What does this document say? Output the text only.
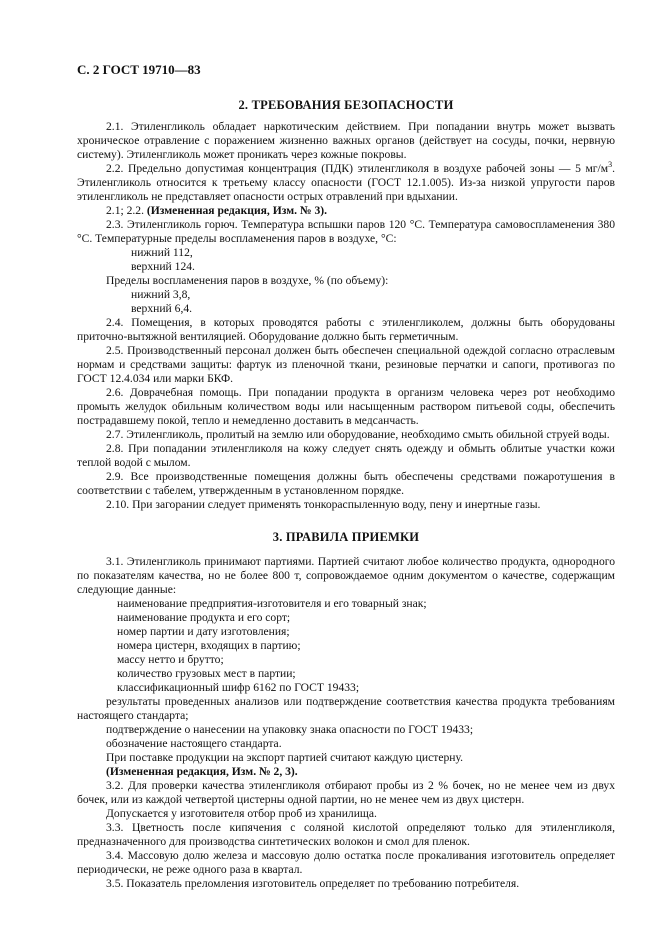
С. 2 ГОСТ 19710—83
2. ТРЕБОВАНИЯ БЕЗОПАСНОСТИ

2.1. Этиленгликоль обладает наркотическим действием. При попадании внутрь может вызвать хроническое отравление с поражением жизненно важных органов (действует на сосуды, почки, нервную систему). Этиленгликоль может проникать через кожные покровы.

2.2. Предельно допустимая концентрация (ПДК) этиленгликоля в воздухе рабочей зоны — 5 $мг/м^3$. Этиленгликоль относится к третьему классу опасности (ГОСТ 12.1.005). Из-за низкой упругости паров этиленгликоль не представляет опасности острых отравлений при вдыхании.

2.1; 2.2. (Измененная редакция, Изм. № 3).

2.3. Этиленгликоль горюч. Температура вспышки паров 120 °С. Температура самовоспламенения 380 °С. Температурные пределы воспламенения паров в воздухе, °С:

нижний 112,

верхний 124.

Пределы воспламенения паров в воздухе, % (по объему):

нижний 3,8,

верхний 6,4.

2.4. Помещения, в которых проводятся работы с этиленгликолем, должны быть оборудованы приточно-вытяжной вентиляцией. Оборудование должно быть герметичным.

2.5. Производственный персонал должен быть обеспечен специальной одеждой согласно отраслевым нормам и средствами защиты: фартук из пленочной ткани, резиновые перчатки и сапоги, противогаз по ГОСТ 12.4.034 или марки БКФ.

2.6. Доврачебная помощь. При попадании продукта в организм человека через рот необходимо промыть желудок обильным количеством воды или насыщенным раствором питьевой соды, обеспечить пострадавшему покой, тепло и немедленно доставить в медсанчасть.

2.7. Этиленгликоль, пролитый на землю или оборудование, необходимо смыть обильной струей воды.

2.8. При попадании этиленгликоля на кожу следует снять одежду и обмыть облитые участки кожи теплой водой с мылом.

2.9. Все производственные помещения должны быть обеспечены средствами пожаротушения в соответствии с табелем, утвержденным в установленном порядке.

2.10. При загорании следует применять тонкораспыленную воду, пену и инертные газы.

3. ПРАВИЛА ПРИЕМКИ

3.1. Этиленгликоль принимают партиями. Партией считают любое количество продукта, однородного по показателям качества, но не более 800 т, сопровождаемое одним документом о качестве, содержащим следующие данные:

наименование предприятия-изготовителя и его товарный знак;

наименование продукта и его сорт;

номер партии и дату изготовления;

номера цистерн, входящих в партию;

массу нетто и брутто;

количество грузовых мест в партии;

классификационный шифр 6162 по ГОСТ 19433;

результаты проведенных анализов или подтверждение соответствия качества продукта требованиям настоящего стандарта;

подтверждение о нанесении на упаковку знака опасности по ГОСТ 19433;

обозначение настоящего стандарта.

При поставке продукции на экспорт партией считают каждую цистерну.

(Измененная редакция, Изм. № 2, 3).

3.2. Для проверки качества этиленгликоля отбирают пробы из 2 % бочек, но не менее чем из двух бочек, или из каждой четвертой цистерны одной партии, но не менее чем из двух цистерн.

Допускается у изготовителя отбор проб из хранилища.

3.3. Цветность после кипячения с соляной кислотой определяют только для этиленгликоля, предназначенного для производства синтетических волокон и смол для пленок.

3.4. Массовую долю железа и массовую долю остатка после прокаливания изготовитель определяет периодически, не реже одного раза в квартал.

3.5. Показатель преломления изготовитель определяет по требованию потребителя.
